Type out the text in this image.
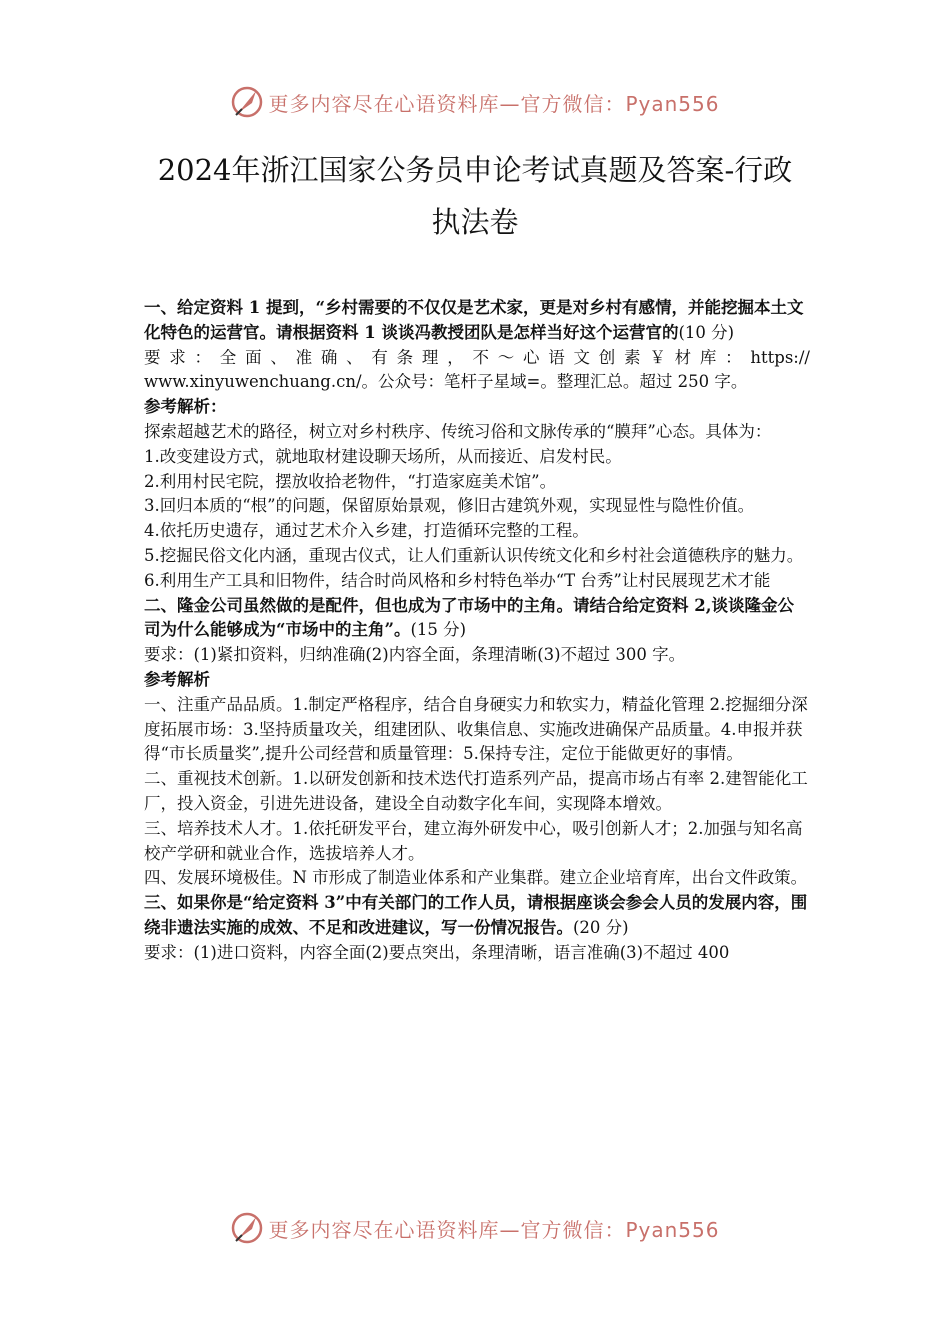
更多内容尽在心语资料库—官方微信：Pyan556
2024年浙江国家公务员申论考试真题及答案-行政
执法卷

一、给定资料 1 提到，“乡村需要的不仅仅是艺术家，更是对乡村有感情，并能挖掘本土文化特色的运营官。请根据资料 1 谈谈冯教授团队是怎样当好这个运营官的(10 分)

要 求 ： 全 面 、 准 确 、 有 条 理 ， 不 ～ 心 语 文 创 素 ￥ 材 库 ： https://

www.xinyuwenchuang.cn/。公众号：笔杆子星域=。整理汇总。超过 250 字。

参考解析：

探索超越艺术的路径，树立对乡村秩序、传统习俗和文脉传承的“膜拜”心态。具体为：

1.改变建设方式，就地取材建设聊天场所，从而接近、启发村民。

2.利用村民宅院，摆放收拾老物件，“打造家庭美术馆”。

3.回归本质的“根”的问题，保留原始景观，修旧古建筑外观，实现显性与隐性价值。

4.依托历史遗存，通过艺术介入乡建，打造循环完整的工程。

5.挖掘民俗文化内涵，重现古仪式，让人们重新认识传统文化和乡村社会道德秩序的魅力。

6.利用生产工具和旧物件，结合时尚风格和乡村特色举办“T 台秀”让村民展现艺术才能

二、隆金公司虽然做的是配件，但也成为了市场中的主角。请结合给定资料 2,谈谈隆金公司为什么能够成为“市场中的主角”。(15 分)

要求：(1)紧扣资料，归纳准确(2)内容全面，条理清晰(3)不超过 300 字。

参考解析

一、注重产品品质。1.制定严格程序，结合自身硬实力和软实力，精益化管理 2.挖掘细分深度拓展市场：3.坚持质量攻关，组建团队、收集信息、实施改进确保产品质量。4.申报并获得“市长质量奖”,提升公司经营和质量管理：5.保持专注，定位于能做更好的事情。

二、重视技术创新。1.以研发创新和技术迭代打造系列产品，提高市场占有率 2.建智能化工厂，投入资金，引进先进设备，建设全自动数字化车间，实现降本增效。

三、培养技术人才。1.依托研发平台，建立海外研发中心，吸引创新人才；2.加强与知名高校产学研和就业合作，选拔培养人才。

四、发展环境极佳。N 市形成了制造业体系和产业集群。建立企业培育库，出台文件政策。

三、如果你是“给定资料 3”中有关部门的工作人员，请根据座谈会参会人员的发展内容，围绕非遗法实施的成效、不足和改进建议，写一份情况报告。(20 分)

要求：(1)进口资料，内容全面(2)要点突出，条理清晰，语言准确(3)不超过 400

更多内容尽在心语资料库—官方微信：Pyan556
